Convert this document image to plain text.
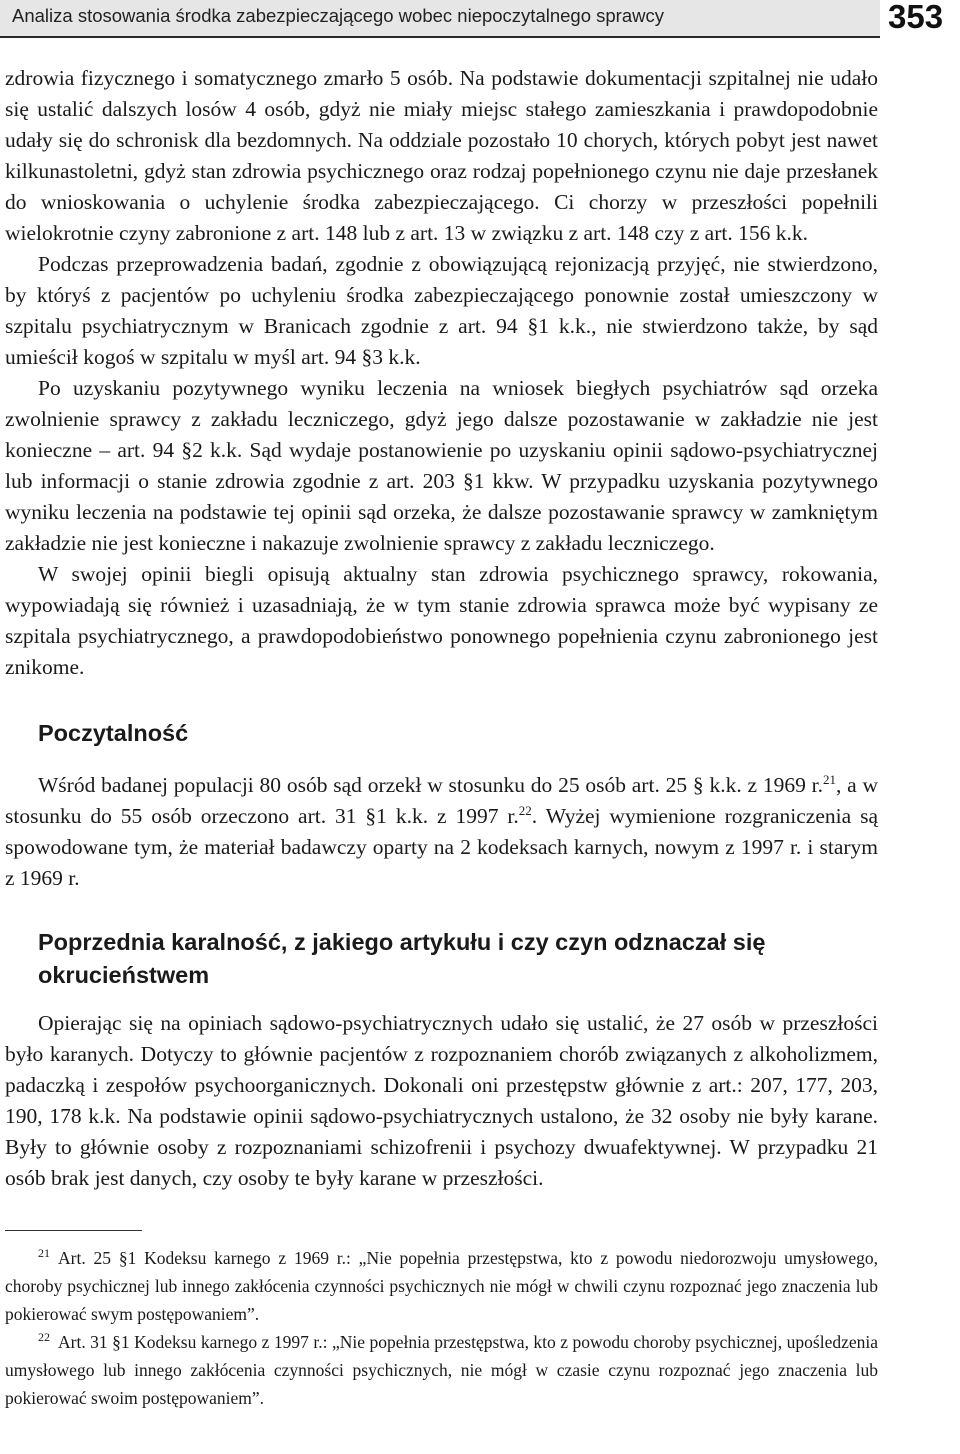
Analiza stosowania środka zabezpieczającego wobec niepoczytalnego sprawcy	353

zdrowia fizycznego i somatycznego zmarło 5 osób. Na podstawie dokumentacji szpitalnej nie udało się ustalić dalszych losów 4 osób, gdyż nie miały miejsc stałego zamieszkania i prawdopodobnie udały się do schronisk dla bezdomnych. Na oddziale pozostało 10 chorych, których pobyt jest nawet kilkunastoletni, gdyż stan zdrowia psychicznego oraz rodzaj popełnionego czynu nie daje przesłanek do wnioskowania o uchylenie środka zabezpieczającego. Ci chorzy w przeszłości popełnili wielokrotnie czyny zabronione z art. 148 lub z art. 13 w związku z art. 148 czy z art. 156 k.k.

Podczas przeprowadzenia badań, zgodnie z obowiązującą rejonizacją przyjęć, nie stwierdzono, by któryś z pacjentów po uchyleniu środka zabezpieczającego ponownie został umieszczony w szpitalu psychiatrycznym w Branicach zgodnie z art. 94 §1 k.k., nie stwierdzono także, by sąd umieścił kogoś w szpitalu w myśl art. 94 §3 k.k.

Po uzyskaniu pozytywnego wyniku leczenia na wniosek biegłych psychiatrów sąd orzeka zwolnienie sprawcy z zakładu leczniczego, gdyż jego dalsze pozostawanie w zakładzie nie jest konieczne – art. 94 §2 k.k. Sąd wydaje postanowienie po uzyskaniu opinii sądowo-psychiatrycznej lub informacji o stanie zdrowia zgodnie z art. 203 §1 kkw. W przypadku uzyskania pozytywnego wyniku leczenia na podstawie tej opinii sąd orzeka, że dalsze pozostawanie sprawcy w zamkniętym zakładzie nie jest konieczne i nakazuje zwolnienie sprawcy z zakładu leczniczego.

W swojej opinii biegli opisują aktualny stan zdrowia psychicznego sprawcy, rokowania, wypowiadają się również i uzasadniają, że w tym stanie zdrowia sprawca może być wypisany ze szpitala psychiatrycznego, a prawdopodobieństwo ponownego popełnienia czynu zabronionego jest znikome.

Poczytalność

Wśród badanej populacji 80 osób sąd orzekł w stosunku do 25 osób art. 25 § k.k. z 1969 r.$^{21}$, a w stosunku do 55 osób orzeczono art. 31 §1 k.k. z 1997 r.$^{22}$. Wyżej wymienione rozgraniczenia są spowodowane tym, że materiał badawczy oparty na 2 kodeksach karnych, nowym z 1997 r. i starym z 1969 r.

Poprzednia karalność, z jakiego artykułu i czy czyn odznaczał się okrucieństwem

Opierając się na opiniach sądowo-psychiatrycznych udało się ustalić, że 27 osób w przeszłości było karanych. Dotyczy to głównie pacjentów z rozpoznaniem chorób związanych z alkoholizmem, padaczką i zespołów psychoorganicznych. Dokonali oni przestępstw głównie z art.: 207, 177, 203, 190, 178 k.k. Na podstawie opinii sądowo-psychiatrycznych ustalono, że 32 osoby nie były karane. Były to głównie osoby z rozpoznaniami schizofrenii i psychozy dwuafektywnej. W przypadku 21 osób brak jest danych, czy osoby te były karane w przeszłości.

$^{21}$ Art. 25 §1 Kodeksu karnego z 1969 r.: „Nie popełnia przestępstwa, kto z powodu niedorozwoju umysłowego, choroby psychicznej lub innego zakłócenia czynności psychicznych nie mógł w chwili czynu rozpoznać jego znaczenia lub pokierować swym postępowaniem”.

$^{22}$ Art. 31 §1 Kodeksu karnego z 1997 r.: „Nie popełnia przestępstwa, kto z powodu choroby psychicznej, upośledzenia umysłowego lub innego zakłócenia czynności psychicznych, nie mógł w czasie czynu rozpoznać jego znaczenia lub pokierować swoim postępowaniem”.
